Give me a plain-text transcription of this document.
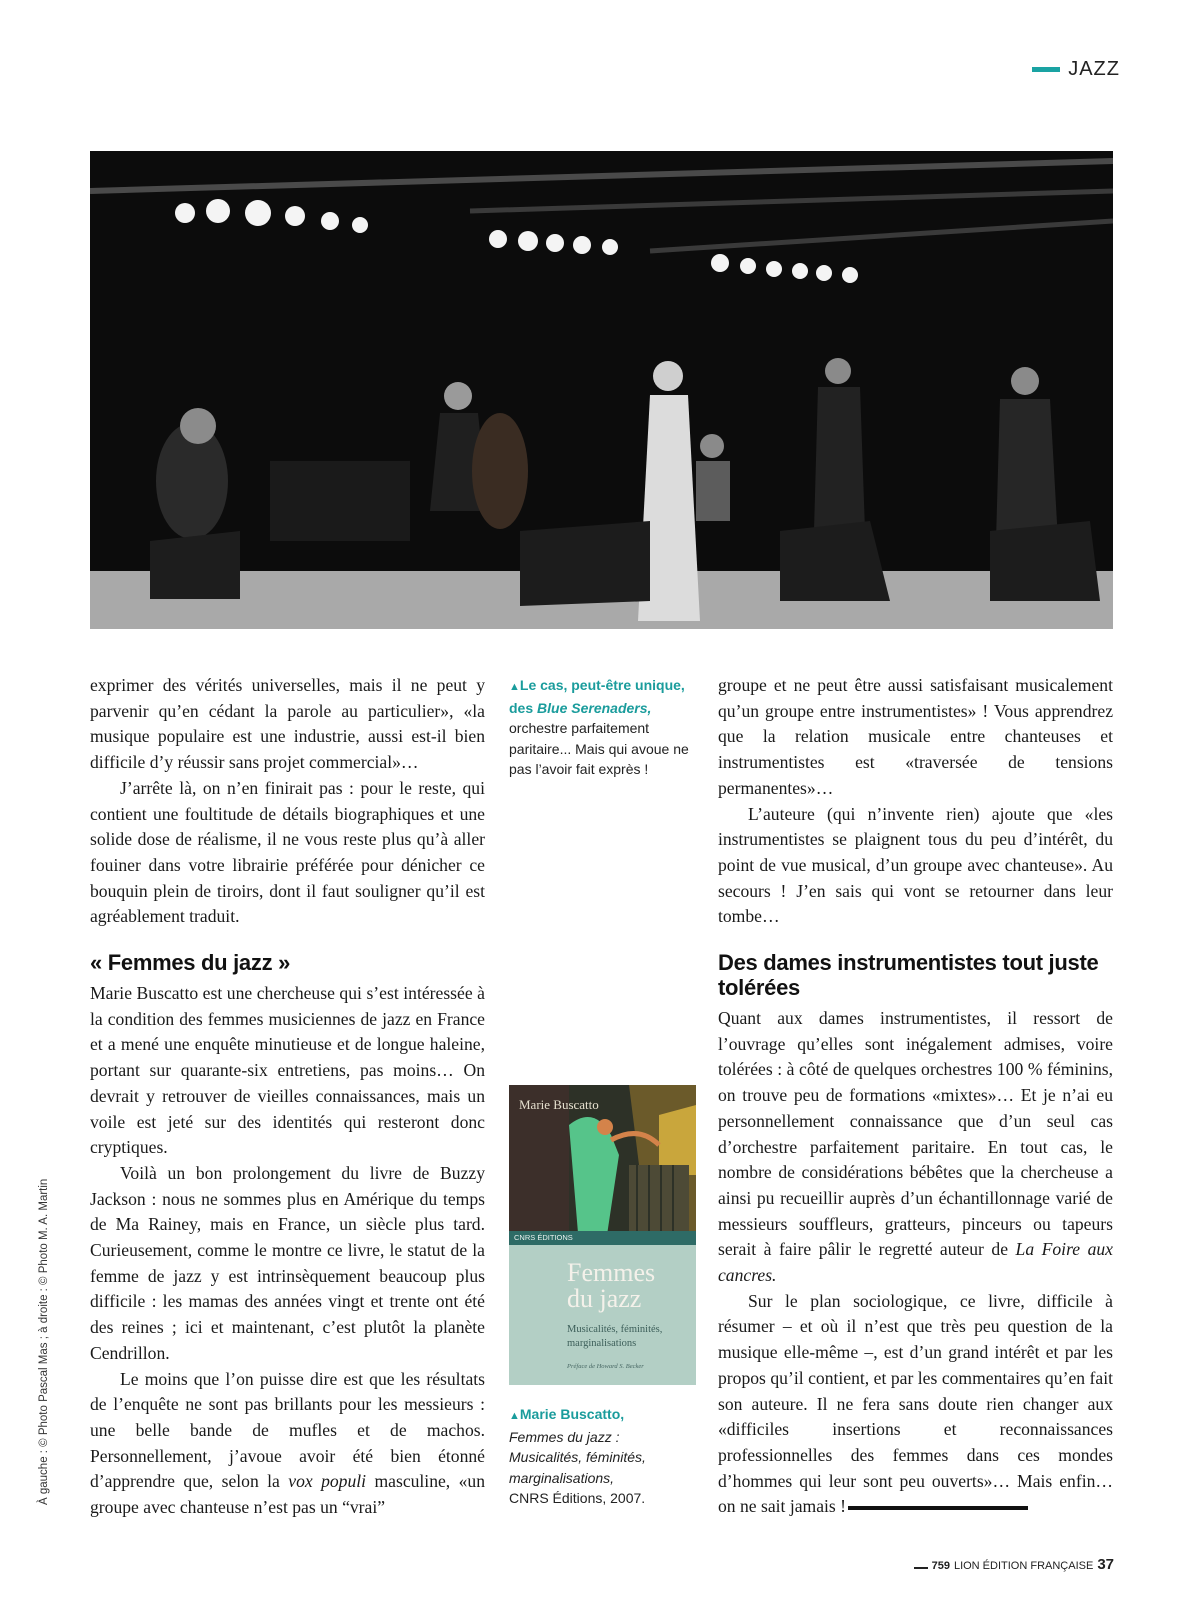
JAZZ

exprimer des vérités universelles, mais il ne peut y parvenir qu’en cédant la parole au particulier», «la musique populaire est une industrie, aussi est-il bien difficile d’y réussir sans projet commercial»…

J’arrête là, on n’en finirait pas : pour le reste, qui contient une foultitude de détails biographiques et une solide dose de réalisme, il ne vous reste plus qu’à aller fouiner dans votre librairie préférée pour dénicher ce bouquin plein de tiroirs, dont il faut souligner qu’il est agréablement traduit.

« Femmes du jazz »

Marie Buscatto est une chercheuse qui s’est intéressée à la condition des femmes musiciennes de jazz en France et a mené une enquête minutieuse et de longue haleine, portant sur quarante-six entretiens, pas moins… On devrait y retrouver de vieilles connaissances, mais un voile est jeté sur des identités qui resteront donc cryptiques.

Voilà un bon prolongement du livre de Buzzy Jackson : nous ne sommes plus en Amérique du temps de Ma Rainey, mais en France, un siècle plus tard. Curieusement, comme le montre ce livre, le statut de la femme de jazz y est intrinsèquement beaucoup plus difficile : les mamas des années vingt et trente ont été des reines ; ici et maintenant, c’est plutôt la planète Cendrillon.

Le moins que l’on puisse dire est que les résultats de l’enquête ne sont pas brillants pour les messieurs : une belle bande de mufles et de machos. Personnellement, j’avoue avoir été bien étonné d’apprendre que, selon la vox populi masculine, «un groupe avec chanteuse n’est pas un “vrai”

▲Le cas, peut-être unique, des Blue Serenaders, orchestre parfaitement paritaire... Mais qui avoue ne pas l’avoir fait exprès !
Marie Buscatto
CNRS ÉDITIONS
Femmes
du jazz
Musicalités, féminités,
marginalisations
Préface de Howard S. Becker
▲Marie Buscatto,
Femmes du jazz : Musicalités, féminités, marginalisations,
CNRS Éditions, 2007.

groupe et ne peut être aussi satisfaisant musicalement qu’un groupe entre instrumentistes» ! Vous apprendrez que la relation musicale entre chanteuses et instrumentistes est «traversée de tensions permanentes»…

L’auteure (qui n’invente rien) ajoute que «les instrumentistes se plaignent tous du peu d’intérêt, du point de vue musical, d’un groupe avec chanteuse». Au secours ! J’en sais qui vont se retourner dans leur tombe…

Des dames instrumentistes tout juste tolérées

Quant aux dames instrumentistes, il ressort de l’ouvrage qu’elles sont inégalement admises, voire tolérées : à côté de quelques orchestres 100 % féminins, on trouve peu de formations «mixtes»… Et je n’ai eu personnellement connaissance que d’un seul cas d’orchestre parfaitement paritaire. En tout cas, le nombre de considérations bébêtes que la chercheuse a ainsi pu recueillir auprès d’un échantillonnage varié de messieurs souffleurs, gratteurs, pinceurs ou tapeurs serait à faire pâlir le regretté auteur de La Foire aux cancres.

Sur le plan sociologique, ce livre, difficile à résumer – et où il n’est que très peu question de la musique elle-même –, est d’un grand intérêt et par les propos qu’il contient, et par les commentaires qu’en fait son auteure. Il ne fera sans doute rien changer aux «difficiles insertions et reconnaissances professionnelles des femmes dans ces mondes d’hommes qui leur sont peu ouverts»… Mais enfin… on ne sait jamais !

À gauche : © Photo Pascal Mas ; à droite : © Photo M. A. Martin
759 LION ÉDITION FRANÇAISE 37
